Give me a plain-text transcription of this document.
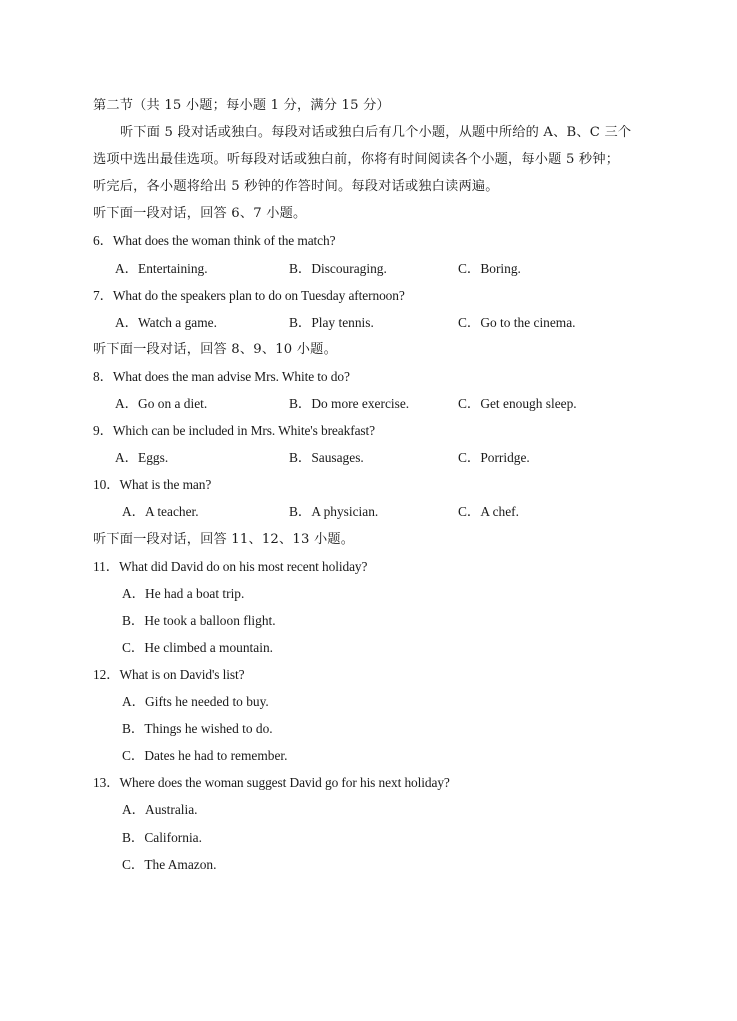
第二节（共 15 小题；每小题 1 分，满分 15 分）
听下面 5 段对话或独白。每段对话或独白后有几个小题，从题中所给的 A、B、C 三个
选项中选出最佳选项。听每段对话或独白前，你将有时间阅读各个小题，每小题 5 秒钟；
听完后，各小题将给出 5 秒钟的作答时间。每段对话或独白读两遍。
听下面一段对话，回答 6、7 小题。
6．What does the woman think of the match?
A．Entertaining.	B．Discouraging.	C．Boring.
7．What do the speakers plan to do on Tuesday afternoon?
A．Watch a game.	B．Play tennis.	C．Go to the cinema.
听下面一段对话，回答 8、9、10 小题。
8．What does the man advise Mrs. White to do?
A．Go on a diet.	B．Do more exercise.	C．Get enough sleep.
9．Which can be included in Mrs. White's breakfast?
A．Eggs.	B．Sausages.	C．Porridge.
10．What is the man?
A．A teacher.	B．A physician.	C．A chef.
听下面一段对话，回答 11、12、13 小题。
11．What did David do on his most recent holiday?
A．He had a boat trip.
B．He took a balloon flight.
C．He climbed a mountain.
12．What is on David's list?
A．Gifts he needed to buy.
B．Things he wished to do.
C．Dates he had to remember.
13．Where does the woman suggest David go for his next holiday?
A．Australia.
B．California.
C．The Amazon.
